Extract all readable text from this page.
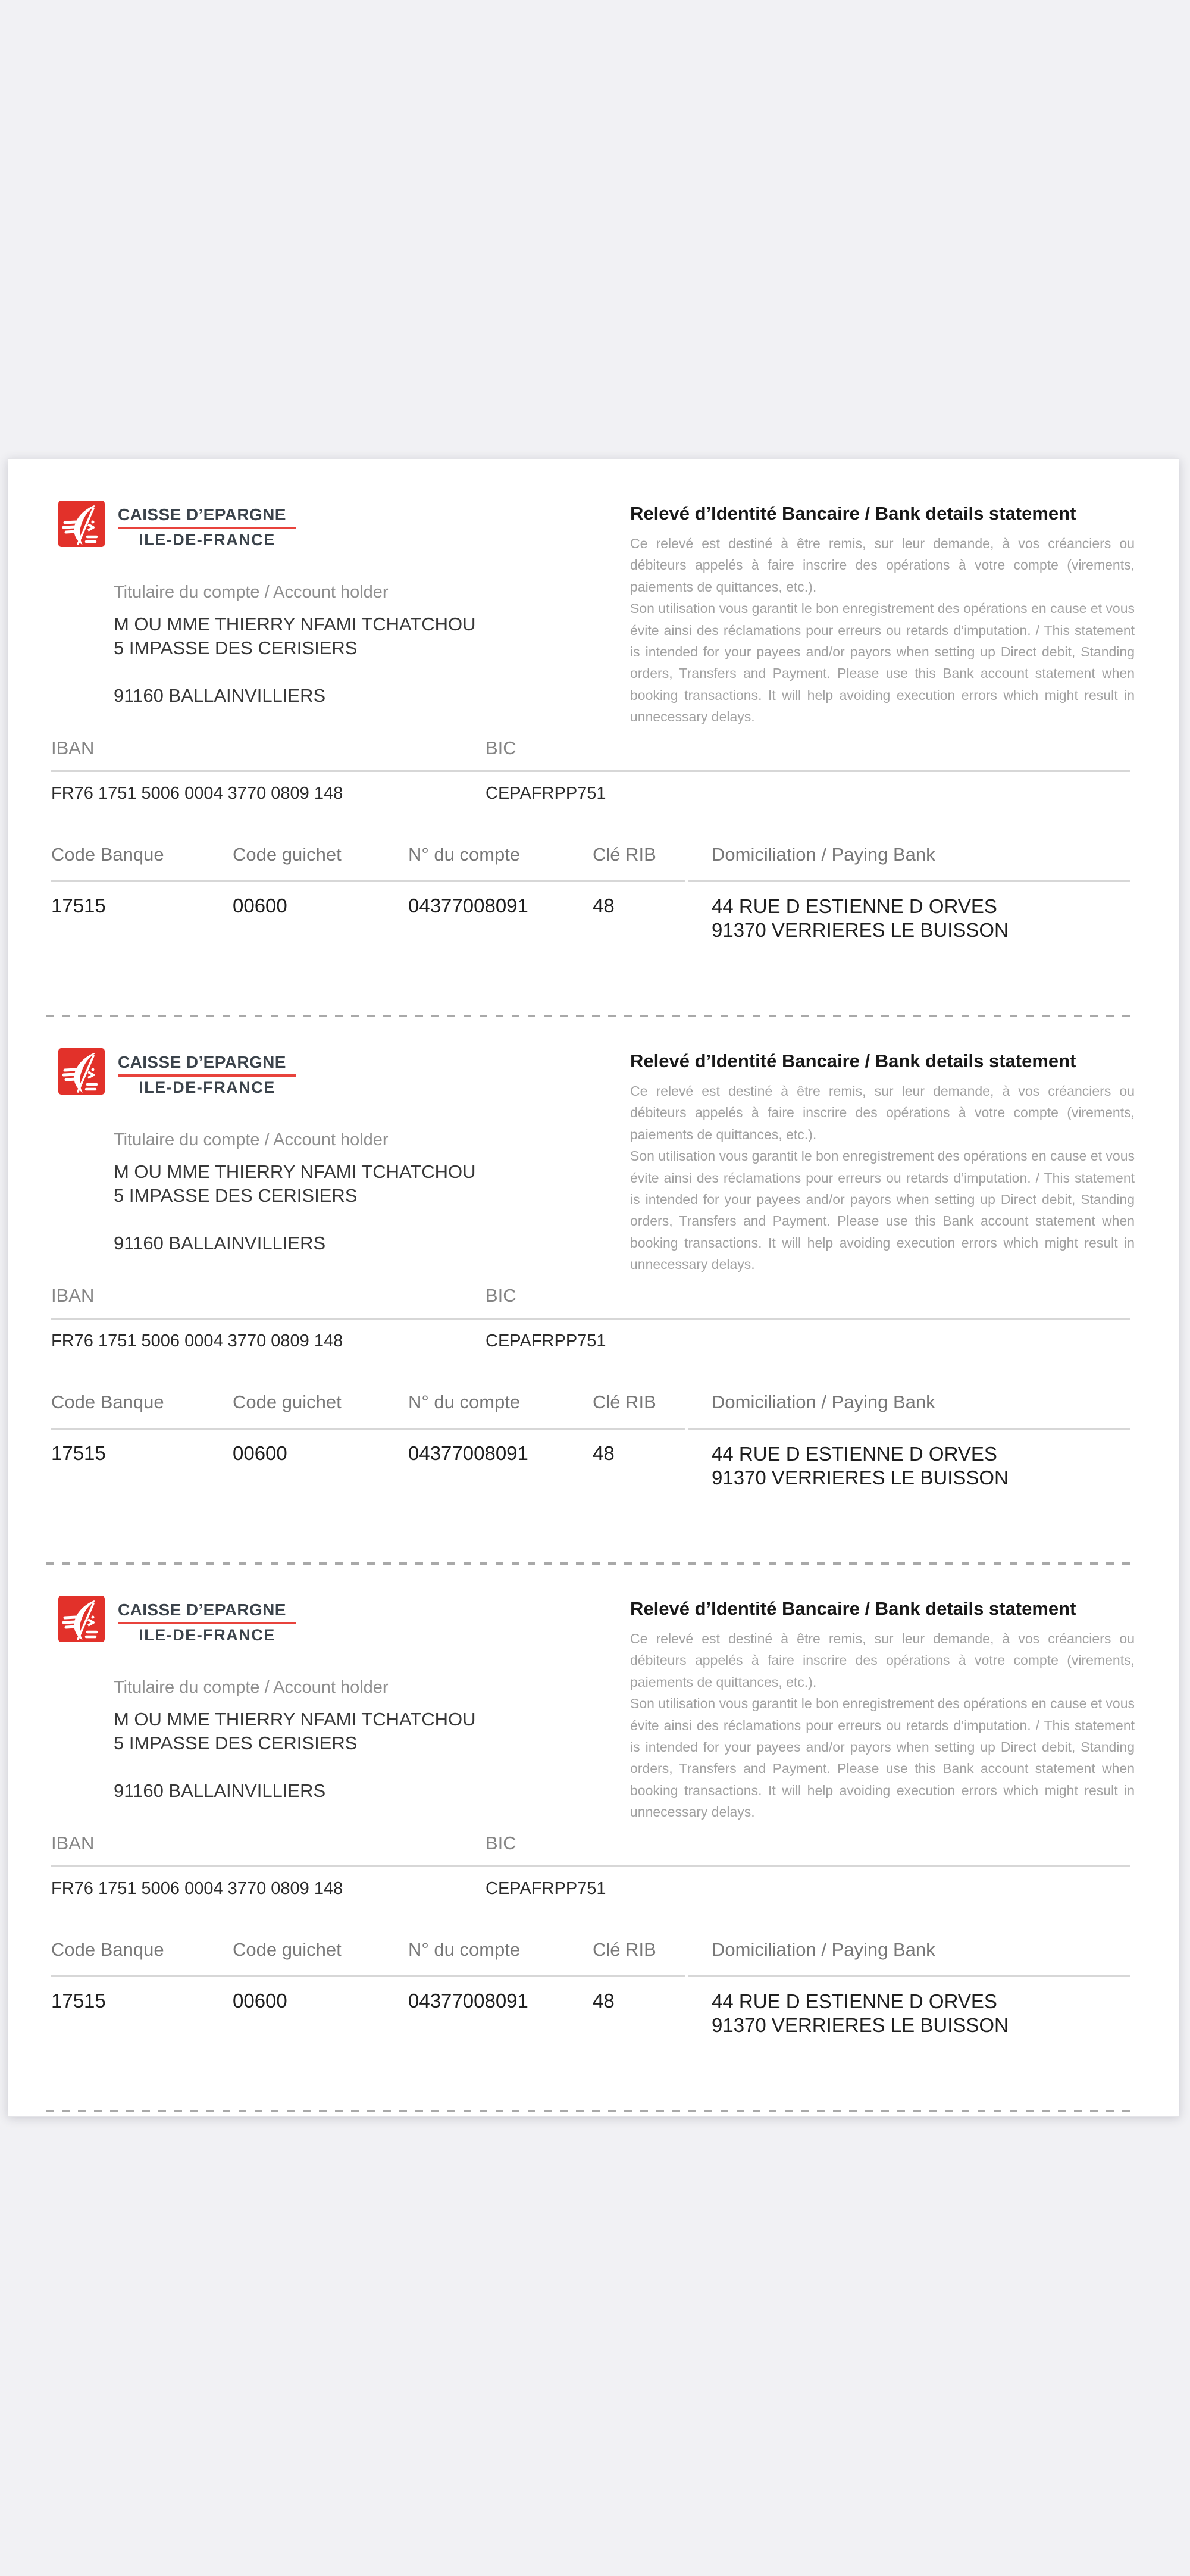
CAISSE D’EPARGNE
ILE-DE-FRANCE
Relevé d’Identité Bancaire / Bank details statement
Ce relevé est destiné à être remis, sur leur demande, à vos créanciers ou débiteurs appelés à faire inscrire des opérations à votre compte (virements, paiements de quittances, etc.).
Son utilisation vous garantit le bon enregistrement des opérations en cause et vous évite ainsi des réclamations pour erreurs ou retards d’imputation. / This statement is intended for your payees and/or payors when setting up Direct debit, Standing orders, Transfers and Payment. Please use this Bank account statement when booking transactions. It will help avoiding execution errors which might result in unnecessary delays.
Titulaire du compte / Account holder
M OU MME THIERRY NFAMI TCHATCHOU
5 IMPASSE DES CERISIERS
91160 BALLAINVILLIERS
IBAN	BIC
FR76 1751 5006 0004 3770 0809 148	CEPAFRPP751
Code Banque	Code guichet	N° du compte	Clé RIB	Domiciliation / Paying Bank
17515	00600	04377008091	48	44 RUE D ESTIENNE D ORVES
91370 VERRIERES LE BUISSON
CAISSE D’EPARGNE
ILE-DE-FRANCE
Relevé d’Identité Bancaire / Bank details statement
Ce relevé est destiné à être remis, sur leur demande, à vos créanciers ou débiteurs appelés à faire inscrire des opérations à votre compte (virements, paiements de quittances, etc.).
Son utilisation vous garantit le bon enregistrement des opérations en cause et vous évite ainsi des réclamations pour erreurs ou retards d’imputation. / This statement is intended for your payees and/or payors when setting up Direct debit, Standing orders, Transfers and Payment. Please use this Bank account statement when booking transactions. It will help avoiding execution errors which might result in unnecessary delays.
Titulaire du compte / Account holder
M OU MME THIERRY NFAMI TCHATCHOU
5 IMPASSE DES CERISIERS
91160 BALLAINVILLIERS
IBAN	BIC
FR76 1751 5006 0004 3770 0809 148	CEPAFRPP751
Code Banque	Code guichet	N° du compte	Clé RIB	Domiciliation / Paying Bank
17515	00600	04377008091	48	44 RUE D ESTIENNE D ORVES
91370 VERRIERES LE BUISSON
CAISSE D’EPARGNE
ILE-DE-FRANCE
Relevé d’Identité Bancaire / Bank details statement
Ce relevé est destiné à être remis, sur leur demande, à vos créanciers ou débiteurs appelés à faire inscrire des opérations à votre compte (virements, paiements de quittances, etc.).
Son utilisation vous garantit le bon enregistrement des opérations en cause et vous évite ainsi des réclamations pour erreurs ou retards d’imputation. / This statement is intended for your payees and/or payors when setting up Direct debit, Standing orders, Transfers and Payment. Please use this Bank account statement when booking transactions. It will help avoiding execution errors which might result in unnecessary delays.
Titulaire du compte / Account holder
M OU MME THIERRY NFAMI TCHATCHOU
5 IMPASSE DES CERISIERS
91160 BALLAINVILLIERS
IBAN	BIC
FR76 1751 5006 0004 3770 0809 148	CEPAFRPP751
Code Banque	Code guichet	N° du compte	Clé RIB	Domiciliation / Paying Bank
17515	00600	04377008091	48	44 RUE D ESTIENNE D ORVES
91370 VERRIERES LE BUISSON
